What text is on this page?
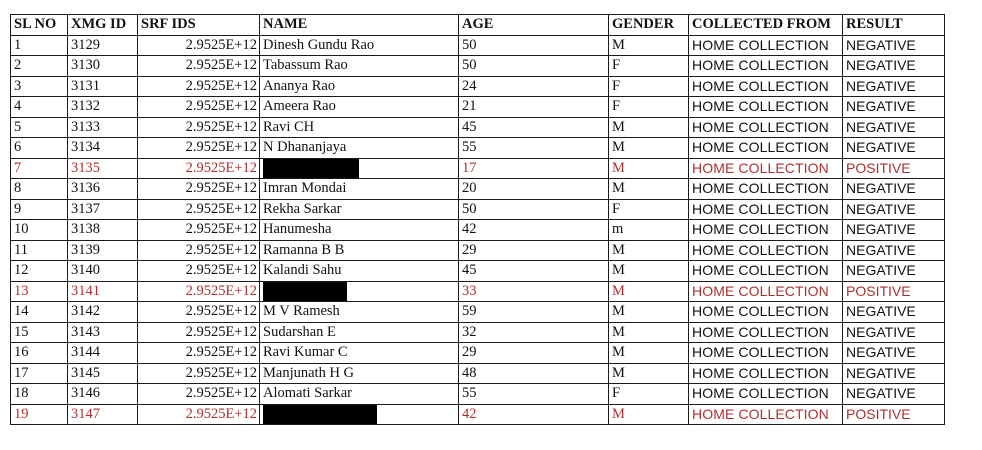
SL NO	XMG ID	SRF IDS	NAME	AGE	GENDER	COLLECTED FROM	RESULT
1	3129	2.9525E+12	Dinesh Gundu Rao	50	M	HOME COLLECTION	NEGATIVE
2	3130	2.9525E+12	Tabassum Rao	50	F	HOME COLLECTION	NEGATIVE
3	3131	2.9525E+12	Ananya Rao	24	F	HOME COLLECTION	NEGATIVE
4	3132	2.9525E+12	Ameera Rao	21	F	HOME COLLECTION	NEGATIVE
5	3133	2.9525E+12	Ravi CH	45	M	HOME COLLECTION	NEGATIVE
6	3134	2.9525E+12	N Dhananjaya	55	M	HOME COLLECTION	NEGATIVE
7	3135	2.9525E+12		17	M	HOME COLLECTION	POSITIVE
8	3136	2.9525E+12	Imran Mondai	20	M	HOME COLLECTION	NEGATIVE
9	3137	2.9525E+12	Rekha Sarkar	50	F	HOME COLLECTION	NEGATIVE
10	3138	2.9525E+12	Hanumesha	42	m	HOME COLLECTION	NEGATIVE
11	3139	2.9525E+12	Ramanna B B	29	M	HOME COLLECTION	NEGATIVE
12	3140	2.9525E+12	Kalandi Sahu	45	M	HOME COLLECTION	NEGATIVE
13	3141	2.9525E+12		33	M	HOME COLLECTION	POSITIVE
14	3142	2.9525E+12	M V Ramesh	59	M	HOME COLLECTION	NEGATIVE
15	3143	2.9525E+12	Sudarshan E	32	M	HOME COLLECTION	NEGATIVE
16	3144	2.9525E+12	Ravi Kumar C	29	M	HOME COLLECTION	NEGATIVE
17	3145	2.9525E+12	Manjunath H G	48	M	HOME COLLECTION	NEGATIVE
18	3146	2.9525E+12	Alomati Sarkar	55	F	HOME COLLECTION	NEGATIVE
19	3147	2.9525E+12		42	M	HOME COLLECTION	POSITIVE
